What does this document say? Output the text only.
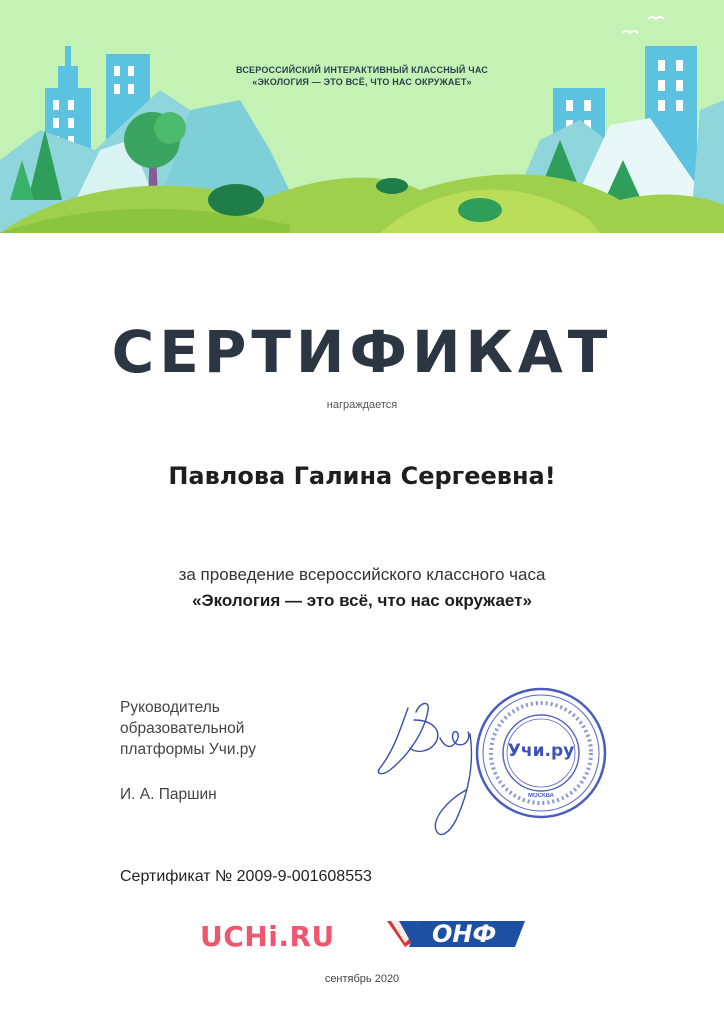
ВСЕРОССИЙСКИЙ ИНТЕРАКТИВНЫЙ КЛАССНЫЙ ЧАС
«ЭКОЛОГИЯ — ЭТО ВСЁ, ЧТО НАС ОКРУЖАЕТ»
СЕРТИФИКАТ
награждается
Павлова Галина Сергеевна!
за проведение всероссийского классного часа
«Экология — это всё, что нас окружает»
Руководитель
образовательной
платформы Учи.ру
И. А. Паршин
Учи.ру
МОСКВА
Сертификат № 2009-9-001608553
UCHi.RU	ОНФ
сентябрь 2020
